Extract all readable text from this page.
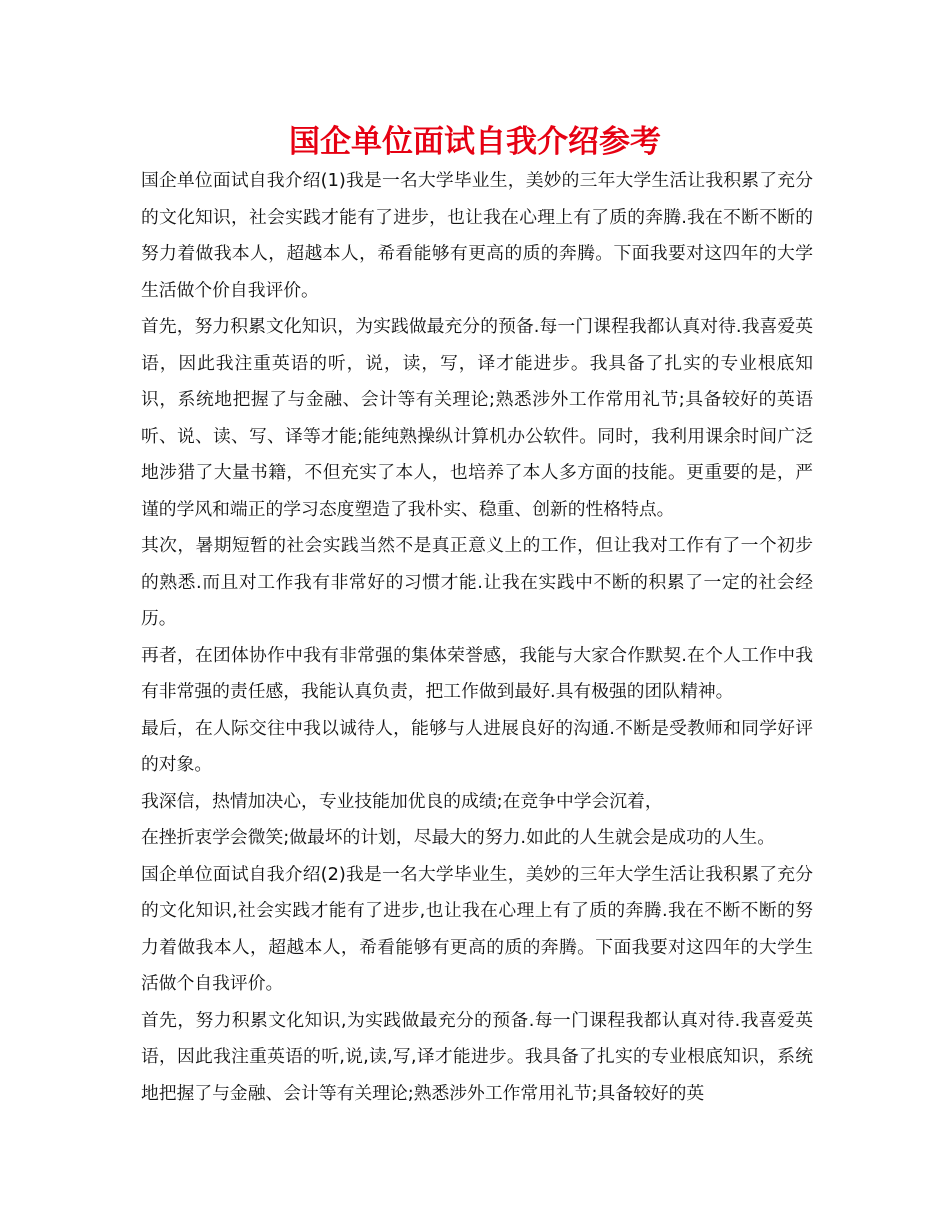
国企单位面试自我介绍参考

国企单位面试自我介绍(1)我是一名大学毕业生，美妙的三年大学生活让我积累了充分的文化知识，社会实践才能有了进步，也让我在心理上有了质的奔腾.我在不断不断的努力着做我本人，超越本人，希看能够有更高的质的奔腾。下面我要对这四年的大学生活做个价自我评价。

首先，努力积累文化知识，为实践做最充分的预备.每一门课程我都认真对待.我喜爱英语，因此我注重英语的听，说，读，写，译才能进步。我具备了扎实的专业根底知识，系统地把握了与金融、会计等有关理论;熟悉涉外工作常用礼节;具备较好的英语听、说、读、写、译等才能;能纯熟操纵计算机办公软件。同时，我利用课余时间广泛地涉猎了大量书籍，不但充实了本人，也培养了本人多方面的技能。更重要的是，严谨的学风和端正的学习态度塑造了我朴实、稳重、创新的性格特点。

其次，暑期短暂的社会实践当然不是真正意义上的工作，但让我对工作有了一个初步的熟悉.而且对工作我有非常好的习惯才能.让我在实践中不断的积累了一定的社会经历。

再者，在团体协作中我有非常强的集体荣誉感，我能与大家合作默契.在个人工作中我有非常强的责任感，我能认真负责，把工作做到最好.具有极强的团队精神。

最后，在人际交往中我以诚待人，能够与人进展良好的沟通.不断是受教师和同学好评的对象。

我深信，热情加决心，专业技能加优良的成绩;在竞争中学会沉着，

在挫折衷学会微笑;做最坏的计划，尽最大的努力.如此的人生就会是成功的人生。

国企单位面试自我介绍(2)我是一名大学毕业生，美妙的三年大学生活让我积累了充分的文化知识,社会实践才能有了进步,也让我在心理上有了质的奔腾.我在不断不断的努力着做我本人，超越本人，希看能够有更高的质的奔腾。下面我要对这四年的大学生活做个自我评价。

首先，努力积累文化知识,为实践做最充分的预备.每一门课程我都认真对待.我喜爱英语，因此我注重英语的听,说,读,写,译才能进步。我具备了扎实的专业根底知识，系统地把握了与金融、会计等有关理论;熟悉涉外工作常用礼节;具备较好的英
